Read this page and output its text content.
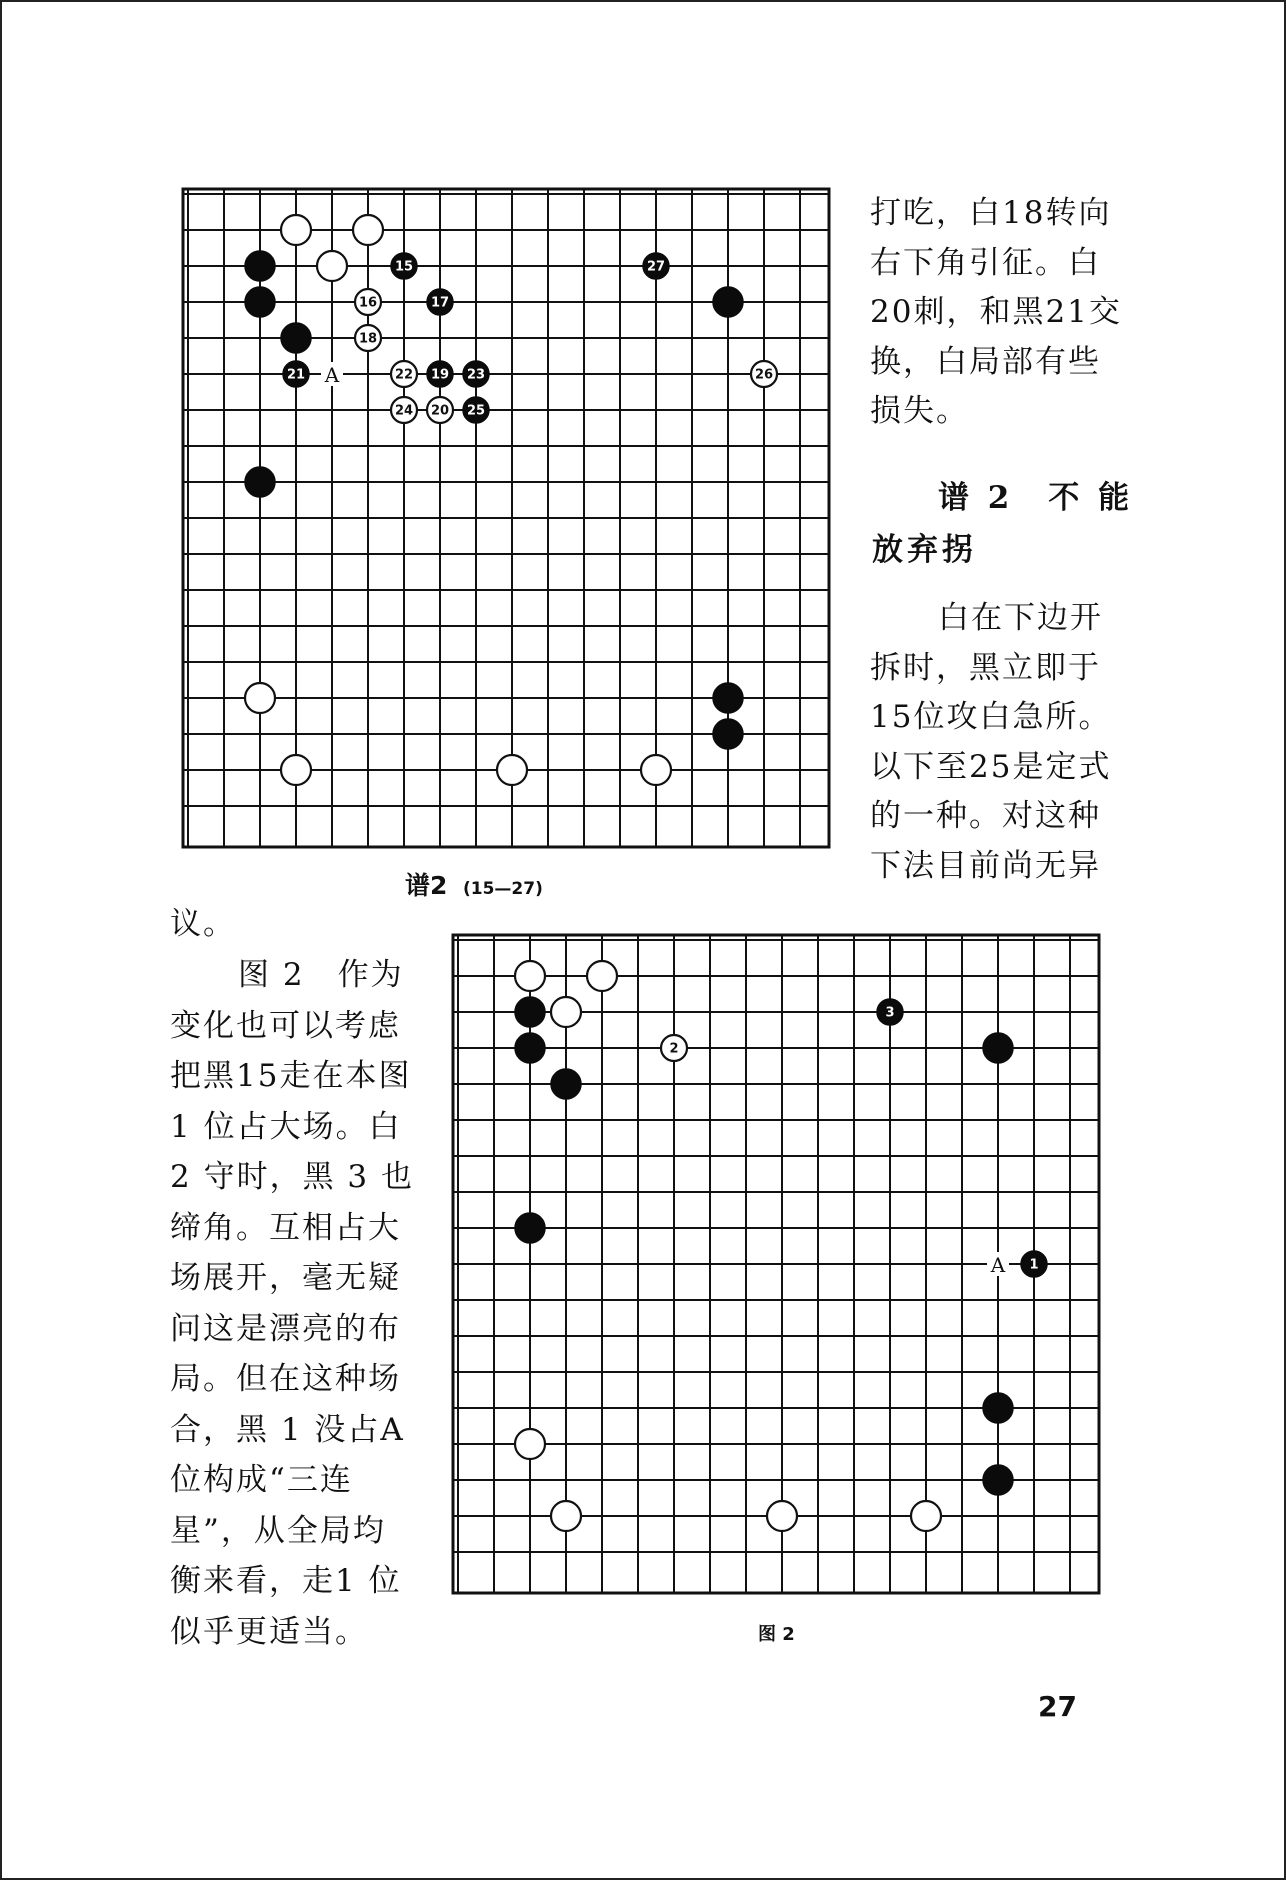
16
18
20
22
24
26
15
17
19
21	23
25
27
A
谱2 (15—27)
打吃，白18转向
右下角引征。白
20刺，和黑21交
换，白局部有些
损失。
谱 2　不 能
放弃拐
白在下边开
拆时，黑立即于
15位攻白急所。
以下至25是定式
的一种。对这种
下法目前尚无异
议。
图 2　作为
变化也可以考虑
把黑15走在本图
1 位占大场。白
2 守时，黑 3 也
缔角。互相占大
场展开，毫无疑
问这是漂亮的布
局。但在这种场
合，黑 1 没占A
位构成“三连
星”，从全局均
衡来看，走1 位
似乎更适当。
2
1
3
A
图 2
27
